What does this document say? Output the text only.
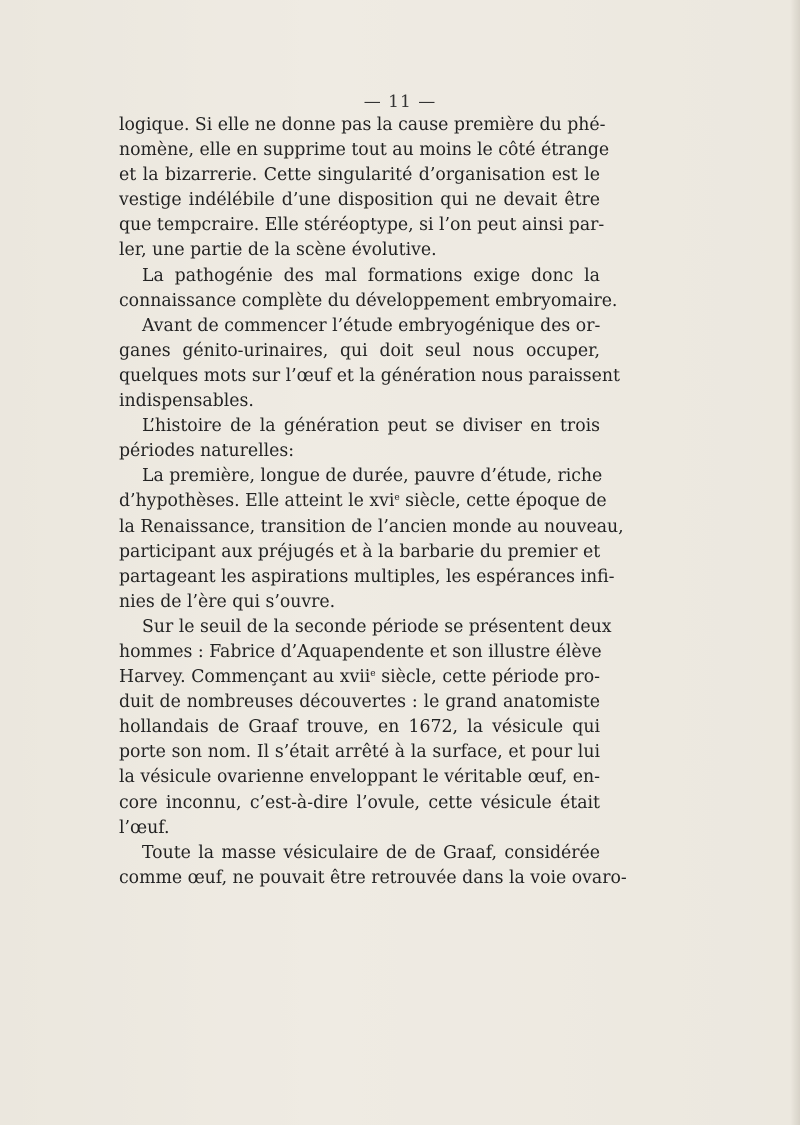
— 11 —
logique. Si elle ne donne pas la cause première du phé-
nomène, elle en supprime tout au moins le côté étrange
et la bizarrerie. Cette singularité d’organisation est le
vestige indélébile d’une disposition qui ne devait être
que tempcraire. Elle stéréoptype, si l’on peut ainsi par-
ler, une partie de la scène évolutive.
La pathogénie des mal formations exige donc la
connaissance complète du développement embryomaire.
Avant de commencer l’étude embryogénique des or-
ganes génito-urinaires, qui doit seul nous occuper,
quelques mots sur l’œuf et la génération nous paraissent
indispensables.
L’histoire de la génération peut se diviser en trois
périodes naturelles:
La première, longue de durée, pauvre d’étude, riche
d’hypothèses. Elle atteint le xvi$^e$ siècle, cette époque de
la Renaissance, transition de l’ancien monde au nouveau,
participant aux préjugés et à la barbarie du premier et
partageant les aspirations multiples, les espérances infi-
nies de l’ère qui s’ouvre.
Sur le seuil de la seconde période se présentent deux
hommes : Fabrice d’Aquapendente et son illustre élève
Harvey. Commençant au xvii$^e$ siècle, cette période pro-
duit de nombreuses découvertes : le grand anatomiste
hollandais de Graaf trouve, en 1672, la vésicule qui
porte son nom. Il s’était arrêté à la surface, et pour lui
la vésicule ovarienne enveloppant le véritable œuf, en-
core inconnu, c’est-à-dire l’ovule, cette vésicule était
l’œuf.
Toute la masse vésiculaire de de Graaf, considérée
comme œuf, ne pouvait être retrouvée dans la voie ovaro-
